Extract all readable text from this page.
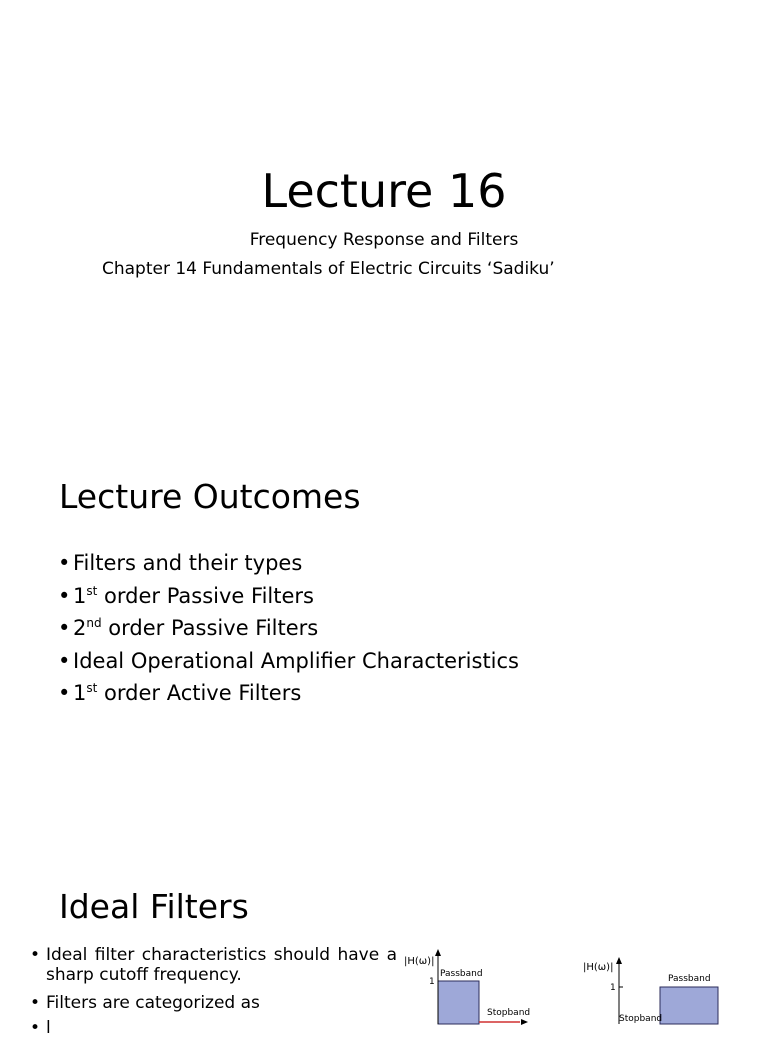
Lecture 16
Frequency Response and Filters
Chapter 14 Fundamentals of Electric Circuits ‘Sadiku’
Lecture Outcomes
• Filters and their types
• 1st order Passive Filters
• 2nd order Passive Filters
• Ideal Operational Amplifier Characteristics
• 1st order Active Filters
Ideal Filters
• Ideal filter characteristics should have a sharp cutoff frequency.
• Filters are categorized as
• l
|H(ω)|
1
Passband
Stopband
|H(ω)|
1
Passband
Stopband
